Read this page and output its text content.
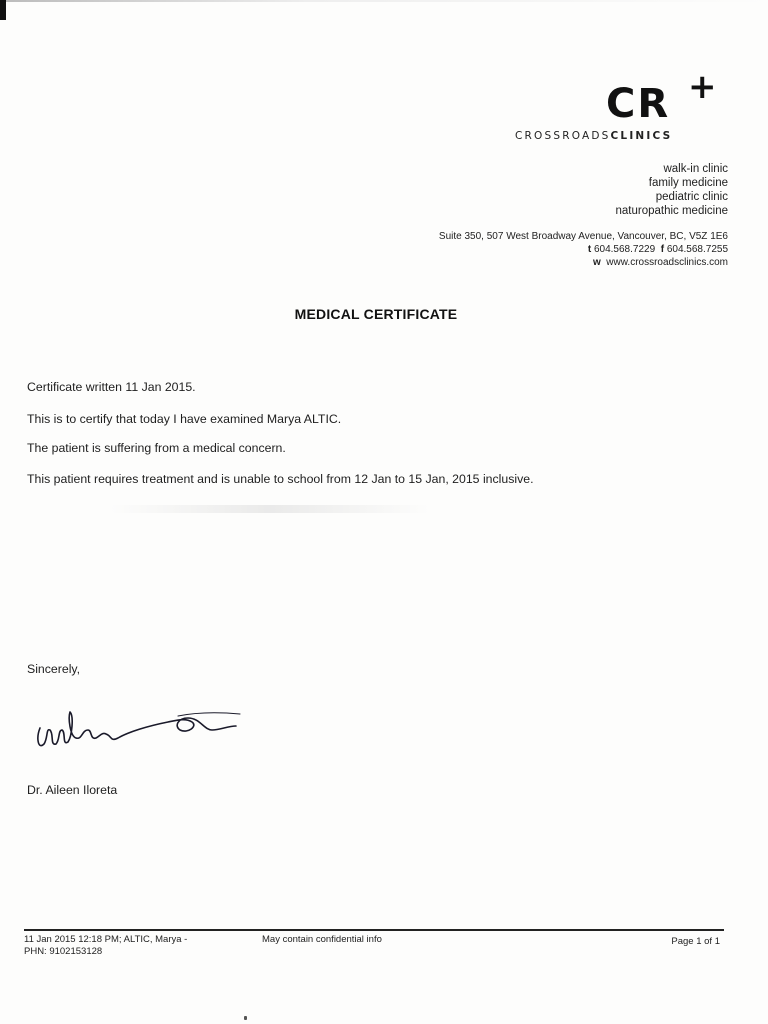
CR +
CROSSROADSCLINICS
walk-in clinic
family medicine
pediatric clinic
naturopathic medicine
Suite 350, 507 West Broadway Avenue, Vancouver, BC, V5Z 1E6
t 604.568.7229 f 604.568.7255
w www.crossroadsclinics.com
MEDICAL CERTIFICATE
Certificate written 11 Jan 2015.
This is to certify that today I have examined Marya ALTIC.
The patient is suffering from a medical concern.
This patient requires treatment and is unable to school from 12 Jan to 15 Jan, 2015 inclusive.
Sincerely,
Dr. Aileen Iloreta
11 Jan 2015 12:18 PM; ALTIC, Marya -
PHN: 9102153128
May contain confidential info	Page 1 of 1
